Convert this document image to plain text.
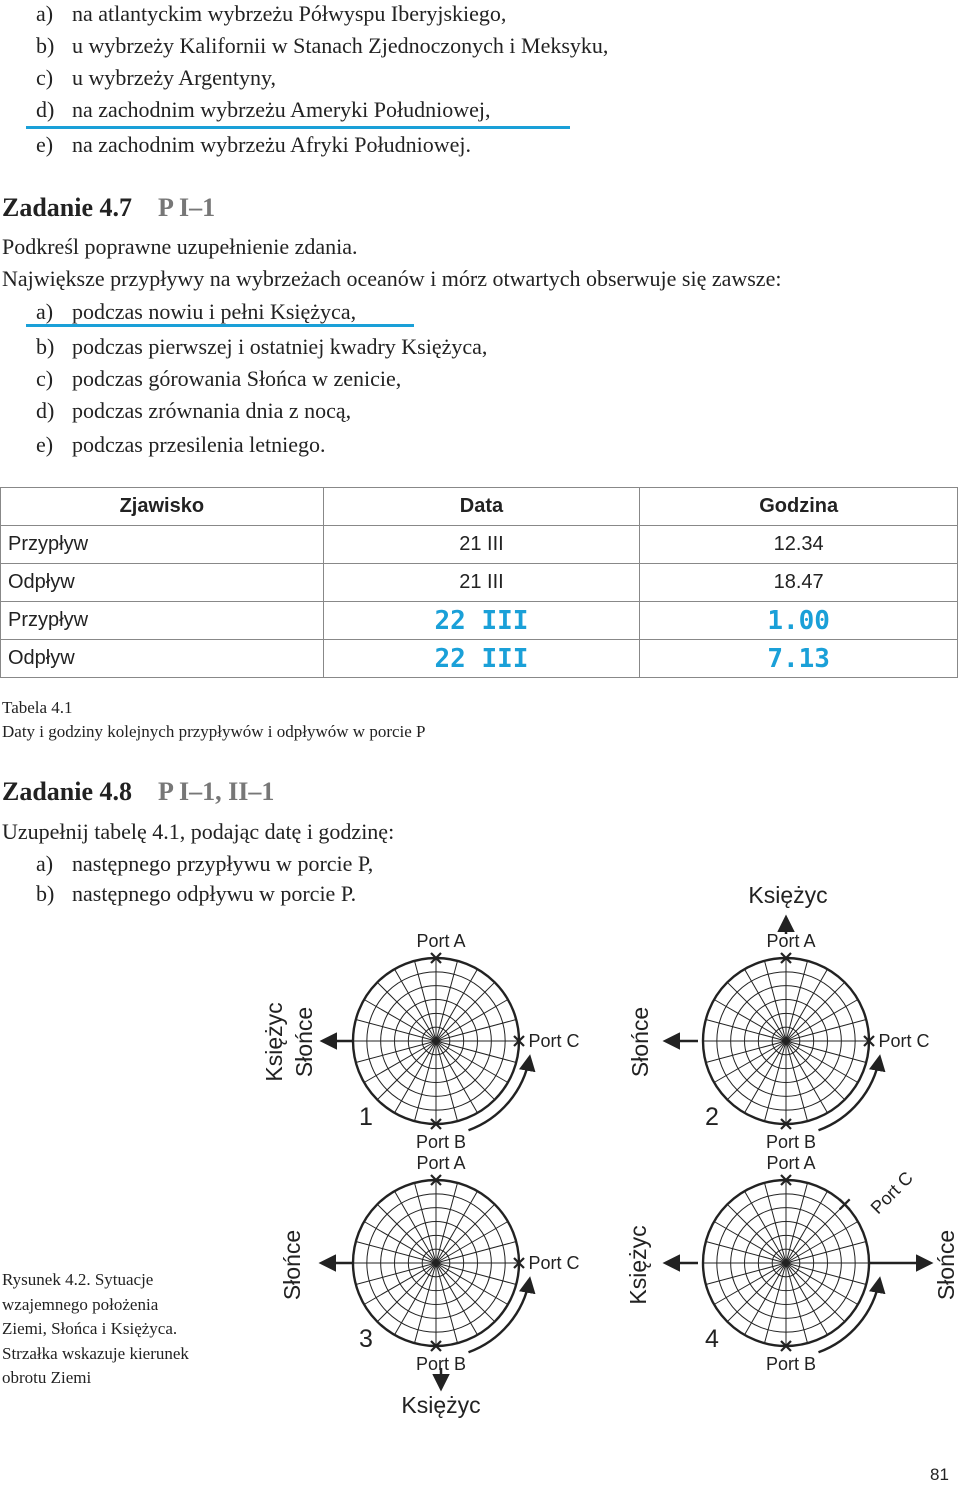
a) na atlantyckim wybrzeżu Półwyspu Iberyjskiego,
b) u wybrzeży Kalifornii w Stanach Zjednoczonych i Meksyku,
c) u wybrzeży Argentyny,
d) na zachodnim wybrzeżu Ameryki Południowej,
e) na zachodnim wybrzeżu Afryki Południowej.
Zadanie 4.7 P I–1
Podkreśl poprawne uzupełnienie zdania.
Największe przypływy na wybrzeżach oceanów i mórz otwartych obserwuje się zawsze:
a) podczas nowiu i pełni Księżyca,
b) podczas pierwszej i ostatniej kwadry Księżyca,
c) podczas górowania Słońca w zenicie,
d) podczas zrównania dnia z nocą,
e) podczas przesilenia letniego.
Zjawisko	Data	Godzina
Przypływ	21 III	12.34
Odpływ	21 III	18.47
Przypływ	22 III	1.00
Odpływ	22 III	7.13
Tabela 4.1
Daty i godziny kolejnych przypływów i odpływów w porcie P
Zadanie 4.8 P I–1, II–1
Uzupełnij tabelę 4.1, podając datę i godzinę:
a) następnego przypływu w porcie P,
b) następnego odpływu w porcie P.
Port C
Port A
Port B
Port C
Port A
Port B
Port C
Port A
Port B
Port C
Port A
Port B
Księżyc
Księżyc
Księżyc Słońce	Słońce
Słońce	Księżyc	Słońce
1	2
3	4
Rysunek 4.2. Sytuacje wzajemnego położenia Ziemi, Słońca i Księżyca. Strzałka wskazuje kierunek obrotu Ziemi
81
